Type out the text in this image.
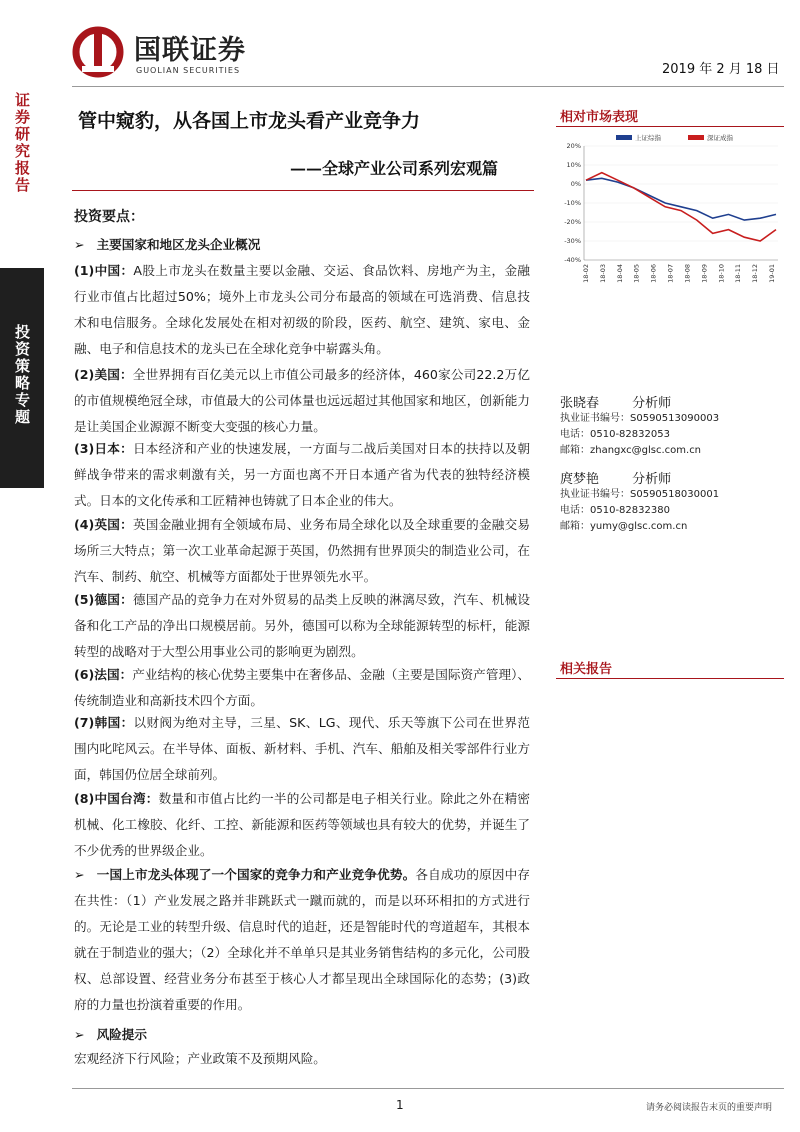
证券研究报告
投资策略专题
国联证券
GUOLIAN SECURITIES	2019 年 2 月 18 日
管中窥豹，从各国上市龙头看产业竞争力
——全球产业公司系列宏观篇
投资要点：
➢ 主要国家和地区龙头企业概况
(1)中国：A股上市龙头在数量主要以金融、交运、食品饮料、房地产为主，金融行业市值占比超过50%；境外上市龙头公司分布最高的领域在可选消费、信息技术和电信服务。全球化发展处在相对初级的阶段，医药、航空、建筑、家电、金融、电子和信息技术的龙头已在全球化竞争中崭露头角。
(2)美国：全世界拥有百亿美元以上市值公司最多的经济体，460家公司22.2万亿的市值规模绝冠全球，市值最大的公司体量也远远超过其他国家和地区，创新能力是让美国企业源源不断变大变强的核心力量。
(3)日本：日本经济和产业的快速发展，一方面与二战后美国对日本的扶持以及朝鲜战争带来的需求刺激有关，另一方面也离不开日本通产省为代表的独特经济模式。日本的文化传承和工匠精神也铸就了日本企业的伟大。
(4)英国：英国金融业拥有全领域布局、业务布局全球化以及全球重要的金融交易场所三大特点；第一次工业革命起源于英国，仍然拥有世界顶尖的制造业公司，在汽车、制药、航空、机械等方面都处于世界领先水平。
(5)德国：德国产品的竞争力在对外贸易的品类上反映的淋漓尽致，汽车、机械设备和化工产品的净出口规模居前。另外，德国可以称为全球能源转型的标杆，能源转型的战略对于大型公用事业公司的影响更为剧烈。
(6)法国：产业结构的核心优势主要集中在奢侈品、金融（主要是国际资产管理）、传统制造业和高新技术四个方面。
(7)韩国：以财阀为绝对主导，三星、SK、LG、现代、乐天等旗下公司在世界范围内叱咤风云。在半导体、面板、新材料、手机、汽车、船舶及相关零部件行业方面，韩国仍位居全球前列。
(8)中国台湾：数量和市值占比约一半的公司都是电子相关行业。除此之外在精密机械、化工橡胶、化纤、工控、新能源和医药等领域也具有较大的优势，并诞生了不少优秀的世界级企业。
➢ 一国上市龙头体现了一个国家的竞争力和产业竞争优势。各自成功的原因中存在共性：（1）产业发展之路并非跳跃式一蹴而就的，而是以环环相扣的方式进行的。无论是工业的转型升级、信息时代的追赶，还是智能时代的弯道超车，其根本就在于制造业的强大；（2）全球化并不单单只是其业务销售结构的多元化，公司股权、总部设置、经营业务分布甚至于核心人才都呈现出全球国际化的态势；(3)政府的力量也扮演着重要的作用。
➢ 风险提示
宏观经济下行风险；产业政策不及预期风险。
相对市场表现
20%
10%
0%
-10%
-20%
-30%
-40%
18-02 18-03 18-04 18-05 18-06 18-07 18-08 18-09 18-10 18-11 18-12 19-01
上证综指	深证成指
张晓春	分析师
执业证书编号：S0590513090003
电话：0510-82832053
邮箱：zhangxc@glsc.com.cn
庹梦艳	分析师
执业证书编号：S0590518030001
电话：0510-82832380
邮箱：yumy@glsc.com.cn
相关报告
1	请务必阅读报告末页的重要声明
